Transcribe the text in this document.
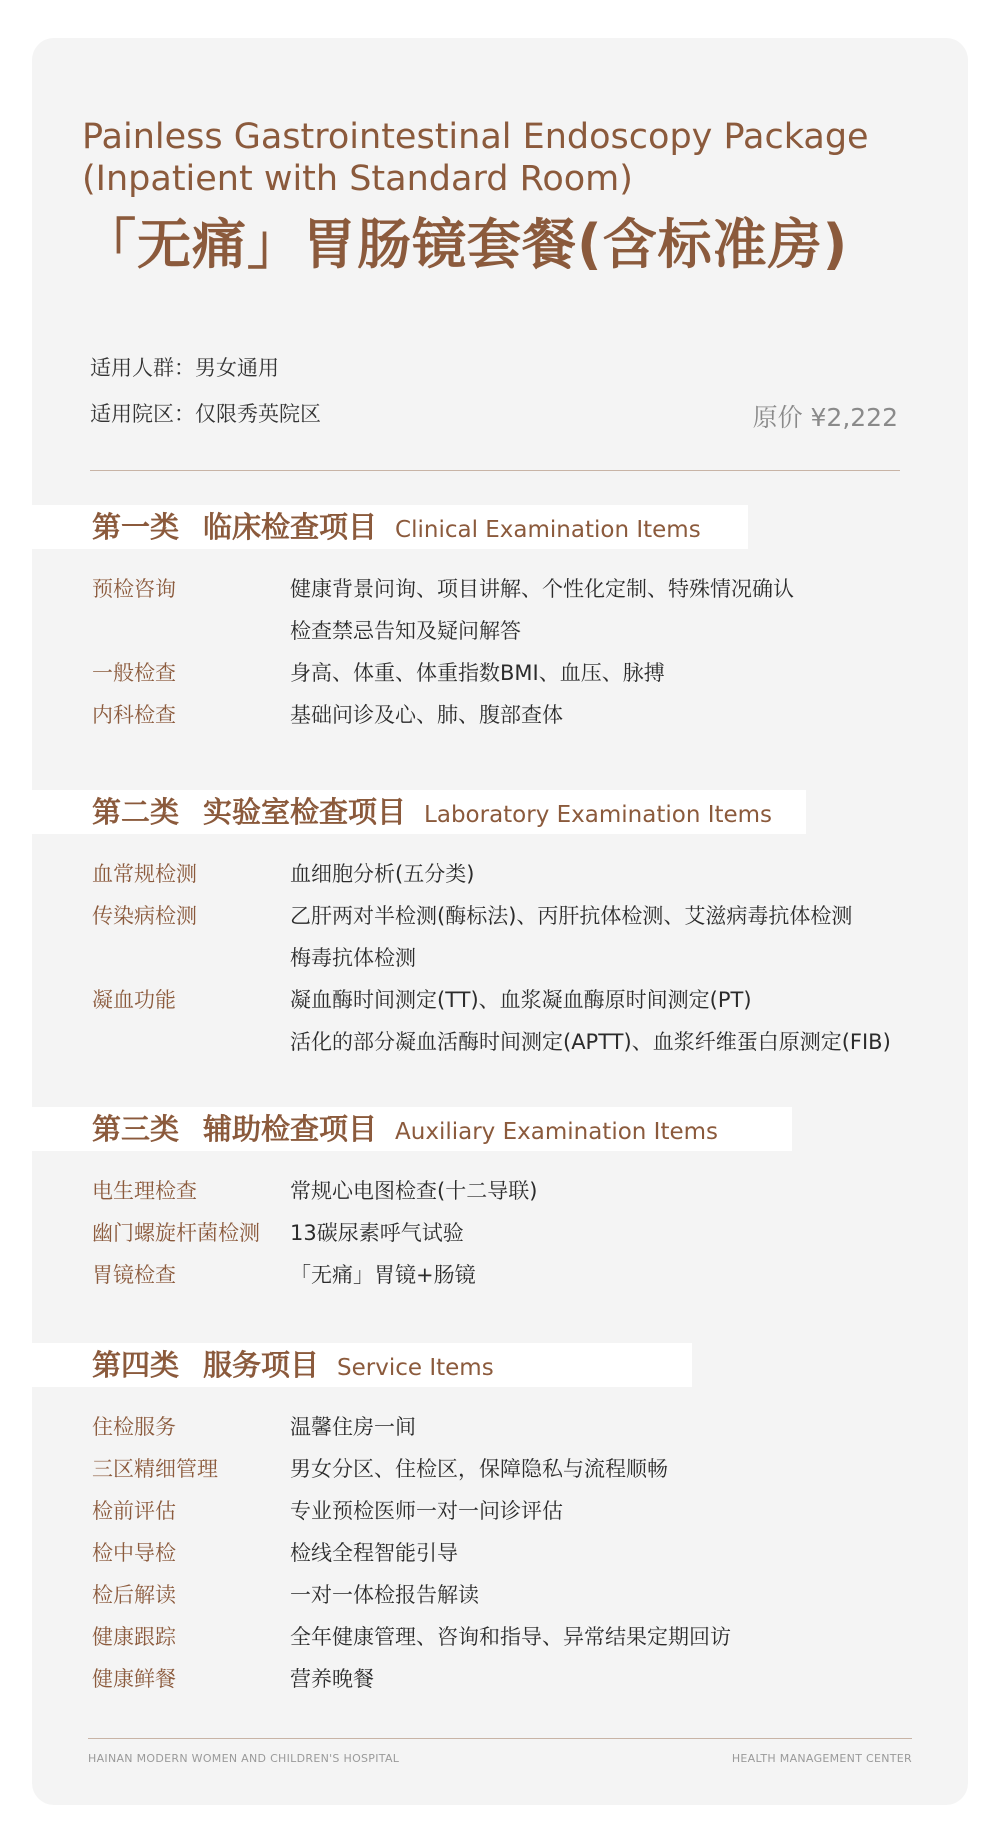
Painless Gastrointestinal Endoscopy Package
(Inpatient with Standard Room)
「无痛」胃肠镜套餐(含标准房)
适用人群：男女通用
适用院区：仅限秀英院区	原价 ¥2,222
第一类 临床检查项目 Clinical Examination Items
预检咨询	健康背景问询、项目讲解、个性化定制、特殊情况确认
检查禁忌告知及疑问解答
一般检查	身高、体重、体重指数BMI、血压、脉搏
内科检查	基础问诊及心、肺、腹部查体
第二类 实验室检查项目 Laboratory Examination Items
血常规检测	血细胞分析(五分类)
传染病检测	乙肝两对半检测(酶标法)、丙肝抗体检测、艾滋病毒抗体检测
梅毒抗体检测
凝血功能	凝血酶时间测定(TT)、血浆凝血酶原时间测定(PT)
活化的部分凝血活酶时间测定(APTT)、血浆纤维蛋白原测定(FIB)
第三类 辅助检查项目 Auxiliary Examination Items
电生理检查	常规心电图检查(十二导联)
幽门螺旋杆菌检测	13碳尿素呼气试验
胃镜检查	「无痛」胃镜+肠镜
第四类 服务项目 Service Items
住检服务	温馨住房一间
三区精细管理	男女分区、住检区，保障隐私与流程顺畅
检前评估	专业预检医师一对一问诊评估
检中导检	检线全程智能引导
检后解读	一对一体检报告解读
健康跟踪	全年健康管理、咨询和指导、异常结果定期回访
健康鲜餐	营养晚餐
HAINAN MODERN WOMEN AND CHILDREN'S HOSPITAL	HEALTH MANAGEMENT CENTER
